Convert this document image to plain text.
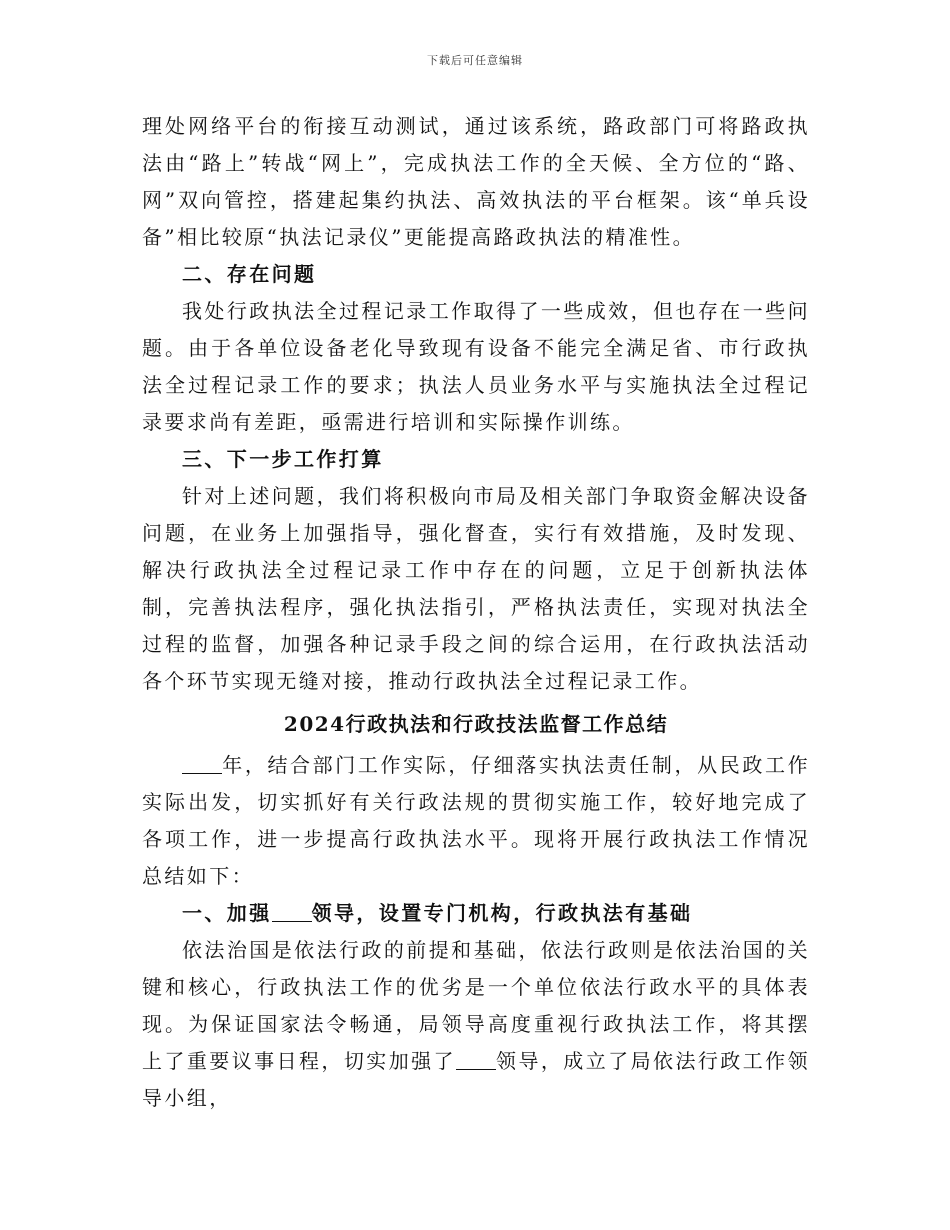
下载后可任意编辑

理处网络平台的衔接互动测试，通过该系统，路政部门可将路政执法由“路上”转战“网上”，完成执法工作的全天候、全方位的“路、网”双向管控，搭建起集约执法、高效执法的平台框架。该“单兵设备”相比较原“执法记录仪”更能提高路政执法的精准性。

二、存在问题

我处行政执法全过程记录工作取得了一些成效，但也存在一些问题。由于各单位设备老化导致现有设备不能完全满足省、市行政执法全过程记录工作的要求；执法人员业务水平与实施执法全过程记录要求尚有差距，亟需进行培训和实际操作训练。

三、下一步工作打算

针对上述问题，我们将积极向市局及相关部门争取资金解决设备问题，在业务上加强指导，强化督查，实行有效措施，及时发现、解决行政执法全过程记录工作中存在的问题，立足于创新执法体制，完善执法程序，强化执法指引，严格执法责任，实现对执法全过程的监督，加强各种记录手段之间的综合运用，在行政执法活动各个环节实现无缝对接，推动行政执法全过程记录工作。

2024行政执法和行政技法监督工作总结

年，结合部门工作实际，仔细落实执法责任制，从民政工作实际出发，切实抓好有关行政法规的贯彻实施工作，较好地完成了各项工作，进一步提高行政执法水平。现将开展行政执法工作情况总结如下：

一、加强 领导，设置专门机构，行政执法有基础

依法治国是依法行政的前提和基础，依法行政则是依法治国的关键和核心，行政执法工作的优劣是一个单位依法行政水平的具体表现。为保证国家法令畅通，局领导高度重视行政执法工作，将其摆上了重要议事日程，切实加强了 领导，成立了局依法行政工作领导小组，
